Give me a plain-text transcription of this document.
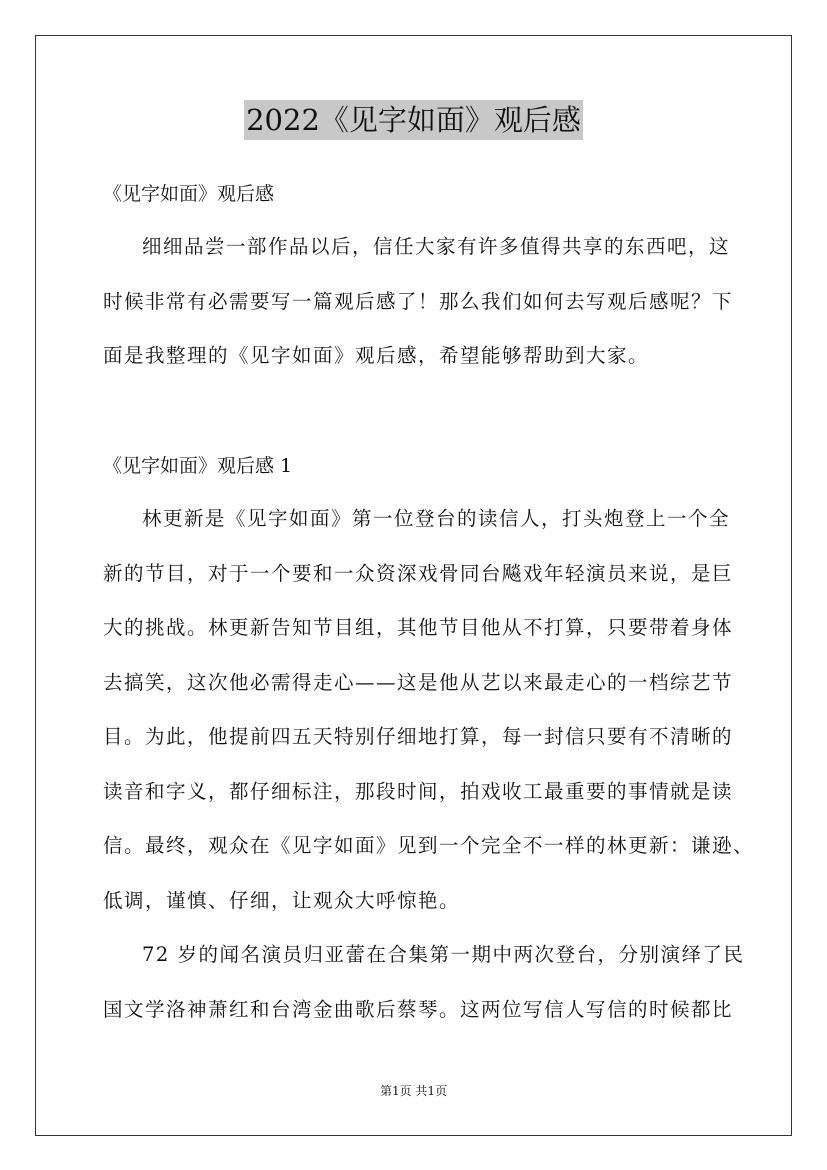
2022《见字如面》观后感
《见字如面》观后感
细细品尝一部作品以后，信任大家有许多值得共享的东西吧，这
时候非常有必需要写一篇观后感了！那么我们如何去写观后感呢？下
面是我整理的《见字如面》观后感，希望能够帮助到大家。
《见字如面》观后感 1
林更新是《见字如面》第一位登台的读信人，打头炮登上一个全
新的节目，对于一个要和一众资深戏骨同台飚戏年轻演员来说，是巨
大的挑战。林更新告知节目组，其他节目他从不打算，只要带着身体
去搞笑，这次他必需得走心——这是他从艺以来最走心的一档综艺节
目。为此，他提前四五天特别仔细地打算，每一封信只要有不清晰的
读音和字义，都仔细标注，那段时间，拍戏收工最重要的事情就是读
信。最终，观众在《见字如面》见到一个完全不一样的林更新：谦逊、
低调，谨慎、仔细，让观众大呼惊艳。
72 岁的闻名演员归亚蕾在合集第一期中两次登台，分别演绎了民
国文学洛神萧红和台湾金曲歌后蔡琴。这两位写信人写信的时候都比
第1页 共1页
